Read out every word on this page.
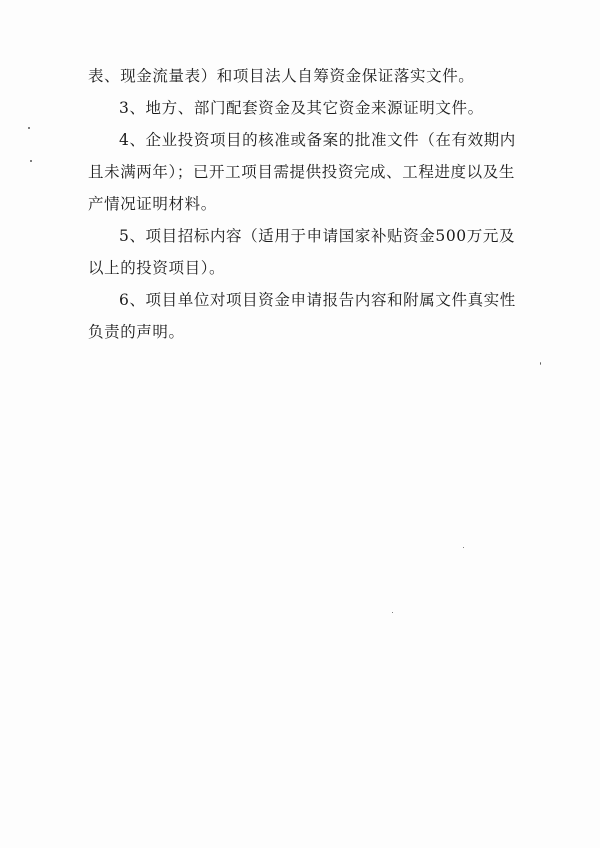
表、现金流量表）和项目法人自筹资金保证落实文件。

3、地方、部门配套资金及其它资金来源证明文件。

4、企业投资项目的核准或备案的批准文件（在有效期内且未满两年）；已开工项目需提供投资完成、工程进度以及生产情况证明材料。

5、项目招标内容（适用于申请国家补贴资金500万元及以上的投资项目）。

6、项目单位对项目资金申请报告内容和附属文件真实性负责的声明。
